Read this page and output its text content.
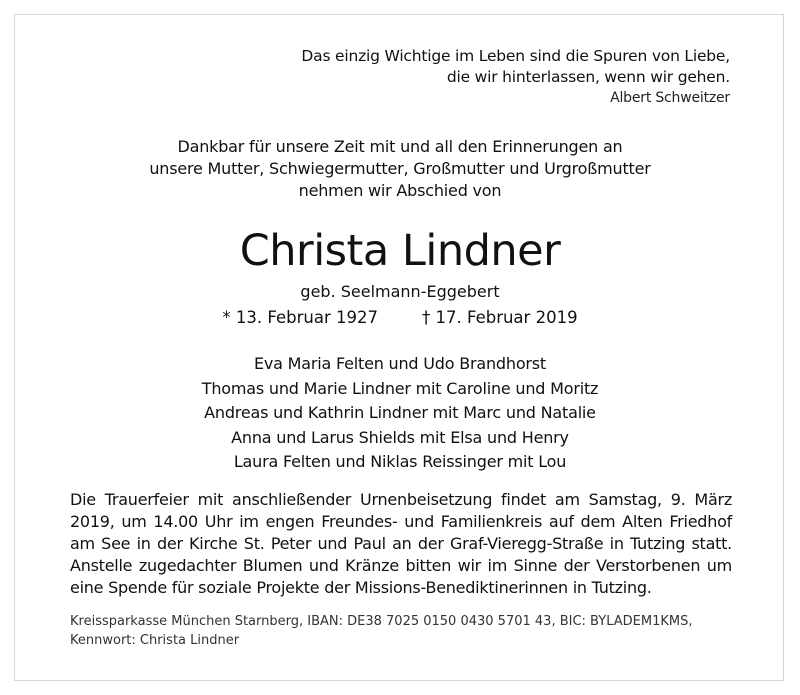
Das einzig Wichtige im Leben sind die Spuren von Liebe,
die wir hinterlassen, wenn wir gehen.
Albert Schweitzer
Dankbar für unsere Zeit mit und all den Erinnerungen an
unsere Mutter, Schwiegermutter, Großmutter und Urgroßmutter
nehmen wir Abschied von
Christa Lindner
geb. Seelmann-Eggebert
* 13. Februar 1927	† 17. Februar 2019
Eva Maria Felten und Udo Brandhorst
Thomas und Marie Lindner mit Caroline und Moritz
Andreas und Kathrin Lindner mit Marc und Natalie
Anna und Larus Shields mit Elsa und Henry
Laura Felten und Niklas Reissinger mit Lou
Die Trauerfeier mit anschließender Urnenbeisetzung findet am Samstag, 9. März 2019, um 14.00 Uhr im engen Freundes- und Familienkreis auf dem Alten Friedhof am See in der Kirche St. Peter und Paul an der Graf-Vieregg-Straße in Tutzing statt. Anstelle zugedachter Blumen und Kränze bitten wir im Sinne der Verstorbenen um eine Spende für soziale Projekte der Missions-Benediktinerinnen in Tutzing.
Kreissparkasse München Starnberg, IBAN: DE38 7025 0150 0430 5701 43, BIC: BYLADEM1KMS,
Kennwort: Christa Lindner
